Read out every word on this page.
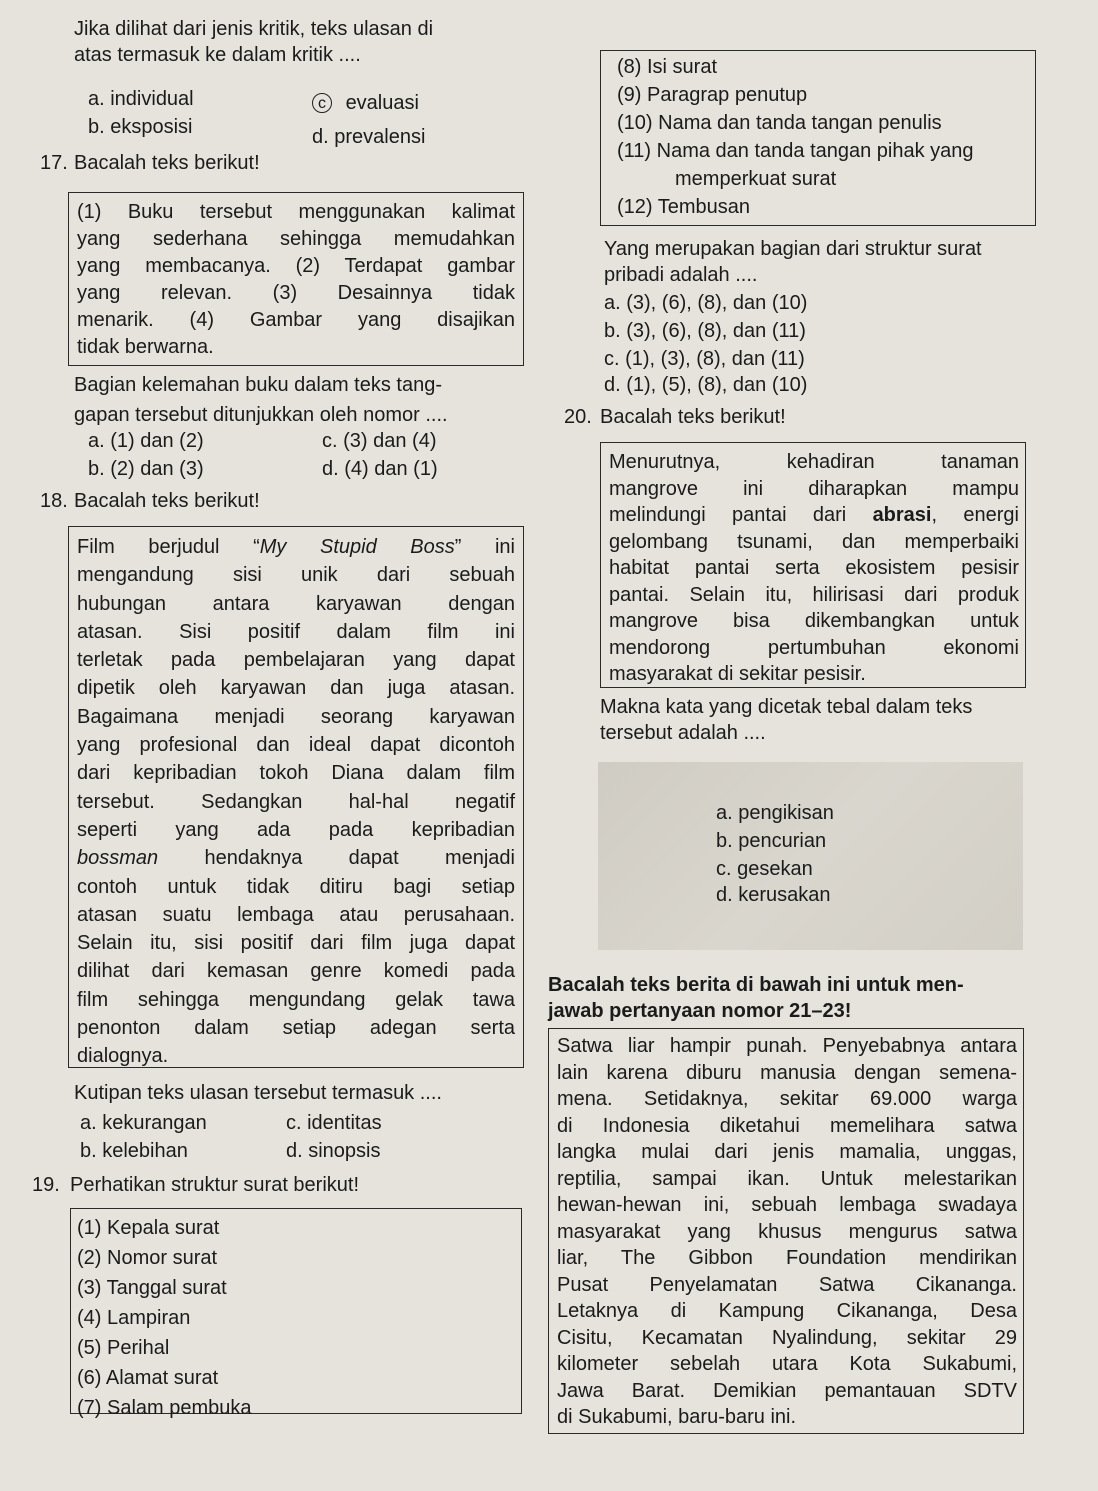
Jika dilihat dari jenis kritik, teks ulasan di
atas termasuk ke dalam kritik ....
a. individual	c evaluasi
b. eksposisi	d. prevalensi
17. Bacalah teks berikut!
(1) Buku tersebut menggunakan kalimat
yang sederhana sehingga memudahkan
yang membacanya. (2) Terdapat gambar
yang relevan. (3) Desainnya tidak
menarik. (4) Gambar yang disajikan
tidak berwarna.
Bagian kelemahan buku dalam teks tang-
gapan tersebut ditunjukkan oleh nomor ....
a. (1) dan (2)	c. (3) dan (4)
b. (2) dan (3)	d. (4) dan (1)
18. Bacalah teks berikut!
Film berjudul “My Stupid Boss” ini
mengandung sisi unik dari sebuah
hubungan antara karyawan dengan
atasan. Sisi positif dalam film ini
terletak pada pembelajaran yang dapat
dipetik oleh karyawan dan juga atasan.
Bagaimana menjadi seorang karyawan
yang profesional dan ideal dapat dicontoh
dari kepribadian tokoh Diana dalam film
tersebut. Sedangkan hal-hal negatif
seperti yang ada pada kepribadian
bossman hendaknya dapat menjadi
contoh untuk tidak ditiru bagi setiap
atasan suatu lembaga atau perusahaan.
Selain itu, sisi positif dari film juga dapat
dilihat dari kemasan genre komedi pada
film sehingga mengundang gelak tawa
penonton dalam setiap adegan serta
dialognya.
Kutipan teks ulasan tersebut termasuk ....
a. kekurangan	c. identitas
b. kelebihan	d. sinopsis
19. Perhatikan struktur surat berikut!
(1) Kepala surat
(2) Nomor surat
(3) Tanggal surat
(4) Lampiran
(5) Perihal
(6) Alamat surat
(7) Salam pembuka
(8) Isi surat
(9) Paragrap penutup
(10) Nama dan tanda tangan penulis
(11) Nama dan tanda tangan pihak yang
memperkuat surat
(12) Tembusan
Yang merupakan bagian dari struktur surat
pribadi adalah ....
a. (3), (6), (8), dan (10)
b. (3), (6), (8), dan (11)
c. (1), (3), (8), dan (11)
d. (1), (5), (8), dan (10)
20. Bacalah teks berikut!
Menurutnya, kehadiran tanaman
mangrove ini diharapkan mampu
melindungi pantai dari abrasi, energi
gelombang tsunami, dan memperbaiki
habitat pantai serta ekosistem pesisir
pantai. Selain itu, hilirisasi dari produk
mangrove bisa dikembangkan untuk
mendorong pertumbuhan ekonomi
masyarakat di sekitar pesisir.
Makna kata yang dicetak tebal dalam teks
tersebut adalah ....
a. pengikisan
b. pencurian
c. gesekan
d. kerusakan
Bacalah teks berita di bawah ini untuk men-
jawab pertanyaan nomor 21–23!
Satwa liar hampir punah. Penyebabnya antara
lain karena diburu manusia dengan semena-
mena. Setidaknya, sekitar 69.000 warga
di Indonesia diketahui memelihara satwa
langka mulai dari jenis mamalia, unggas,
reptilia, sampai ikan. Untuk melestarikan
hewan-hewan ini, sebuah lembaga swadaya
masyarakat yang khusus mengurus satwa
liar, The Gibbon Foundation mendirikan
Pusat Penyelamatan Satwa Cikananga.
Letaknya di Kampung Cikananga, Desa
Cisitu, Kecamatan Nyalindung, sekitar 29
kilometer sebelah utara Kota Sukabumi,
Jawa Barat. Demikian pemantauan SDTV
di Sukabumi, baru-baru ini.
